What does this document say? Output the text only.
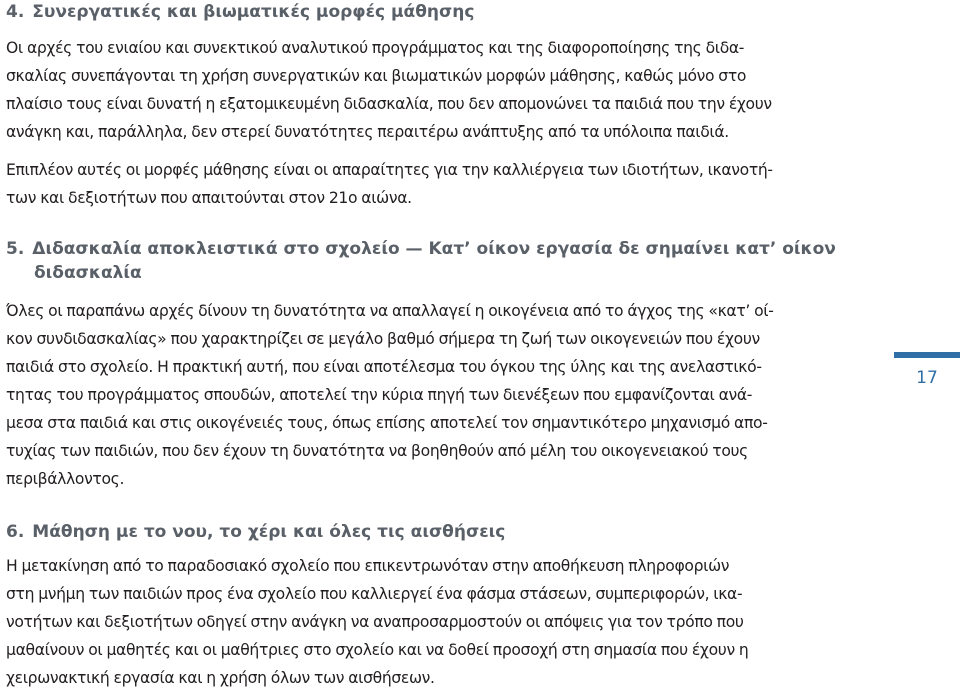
4. Συνεργατικές και βιωματικές μορφές μάθησης
Οι αρχές του ενιαίου και συνεκτικού αναλυτικού προγράμματος και της διαφοροποίησης της διδα-
σκαλίας συνεπάγονται τη χρήση συνεργατικών και βιωματικών μορφών μάθησης, καθώς μόνο στο
πλαίσιο τους είναι δυνατή η εξατομικευμένη διδασκαλία, που δεν απομονώνει τα παιδιά που την έχουν
ανάγκη και, παράλληλα, δεν στερεί δυνατότητες περαιτέρω ανάπτυξης από τα υπόλοιπα παιδιά.
Επιπλέον αυτές οι μορφές μάθησης είναι οι απαραίτητες για την καλλιέργεια των ιδιοτήτων, ικανοτή-
των και δεξιοτήτων που απαιτούνται στον 21ο αιώνα.
5. Διδασκαλία αποκλειστικά στο σχολείο — Κατ’ οίκον εργασία δε σημαίνει κατ’ οίκον
διδασκαλία
Όλες οι παραπάνω αρχές δίνουν τη δυνατότητα να απαλλαγεί η οικογένεια από το άγχος της «κατ’ οί-
κον συνδιδασκαλίας» που χαρακτηρίζει σε μεγάλο βαθμό σήμερα τη ζωή των οικογενειών που έχουν
παιδιά στο σχολείο. Η πρακτική αυτή, που είναι αποτέλεσμα του όγκου της ύλης και της ανελαστικό-
τητας του προγράμματος σπουδών, αποτελεί την κύρια πηγή των διενέξεων που εμφανίζονται ανά-
μεσα στα παιδιά και στις οικογένειές τους, όπως επίσης αποτελεί τον σημαντικότερο μηχανισμό απο-
τυχίας των παιδιών, που δεν έχουν τη δυνατότητα να βοηθηθούν από μέλη του οικογενειακού τους
περιβάλλοντος.
6. Μάθηση με το νου, το χέρι και όλες τις αισθήσεις
Η μετακίνηση από το παραδοσιακό σχολείο που επικεντρωνόταν στην αποθήκευση πληροφοριών
στη μνήμη των παιδιών προς ένα σχολείο που καλλιεργεί ένα φάσμα στάσεων, συμπεριφορών, ικα-
νοτήτων και δεξιοτήτων οδηγεί στην ανάγκη να αναπροσαρμοστούν οι απόψεις για τον τρόπο που
μαθαίνουν οι μαθητές και οι μαθήτριες στο σχολείο και να δοθεί προσοχή στη σημασία που έχουν η
χειρωνακτική εργασία και η χρήση όλων των αισθήσεων.
17
